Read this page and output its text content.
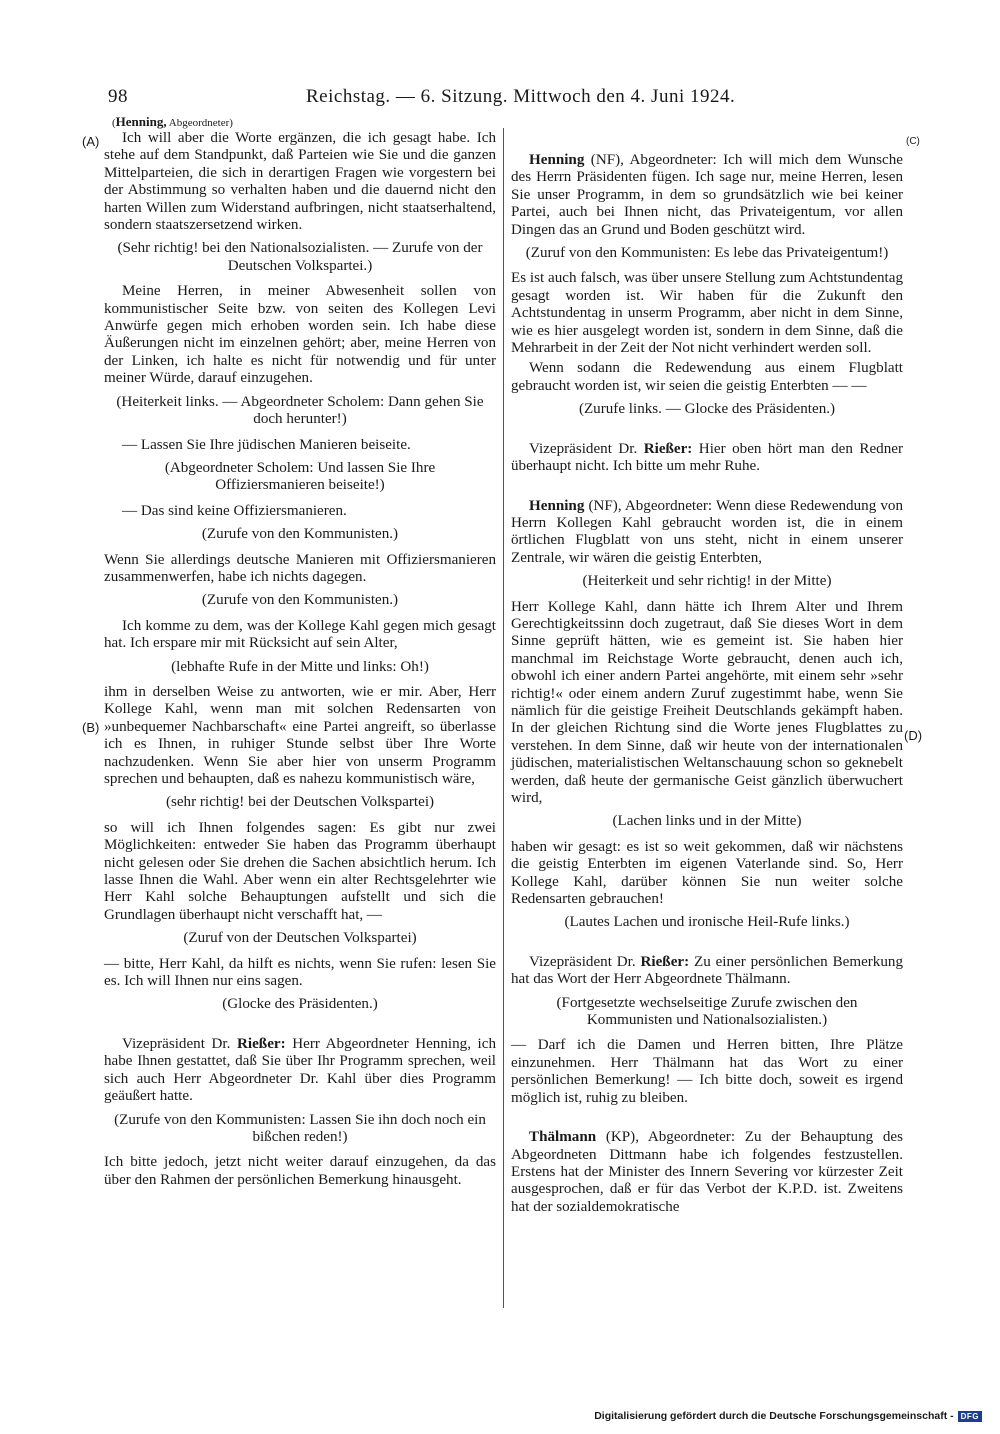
98	Reichstag. — 6. Sitzung. Mittwoch den 4. Juni 1924.
(Henning, Abgeordneter)
(A)
(B)
(C)
(D)

Ich will aber die Worte ergänzen, die ich gesagt habe. Ich stehe auf dem Standpunkt, daß Parteien wie Sie und die ganzen Mittelparteien, die sich in derartigen Fragen wie vorgestern bei der Abstimmung so verhalten haben und die dauernd nicht den harten Willen zum Widerstand aufbringen, nicht staatserhaltend, sondern staatszersetzend wirken.

(Sehr richtig! bei den Nationalsozialisten. — Zurufe von der Deutschen Volkspartei.)

Meine Herren, in meiner Abwesenheit sollen von kommunistischer Seite bzw. von seiten des Kollegen Levi Anwürfe gegen mich erhoben worden sein. Ich habe diese Äußerungen nicht im einzelnen gehört; aber, meine Herren von der Linken, ich halte es nicht für notwendig und für unter meiner Würde, darauf einzugehen.

(Heiterkeit links. — Abgeordneter Scholem: Dann gehen Sie doch herunter!)

— Lassen Sie Ihre jüdischen Manieren beiseite.

(Abgeordneter Scholem: Und lassen Sie Ihre Offiziersmanieren beiseite!)

— Das sind keine Offiziersmanieren.

(Zurufe von den Kommunisten.)

Wenn Sie allerdings deutsche Manieren mit Offiziersmanieren zusammenwerfen, habe ich nichts dagegen.

(Zurufe von den Kommunisten.)

Ich komme zu dem, was der Kollege Kahl gegen mich gesagt hat. Ich erspare mir mit Rücksicht auf sein Alter,

(lebhafte Rufe in der Mitte und links: Oh!)

ihm in derselben Weise zu antworten, wie er mir. Aber, Herr Kollege Kahl, wenn man mit solchen Redensarten von »unbequemer Nachbarschaft« eine Partei angreift, so überlasse ich es Ihnen, in ruhiger Stunde selbst über Ihre Worte nachzudenken. Wenn Sie aber hier von unserm Programm sprechen und behaupten, daß es nahezu kommunistisch wäre,

(sehr richtig! bei der Deutschen Volkspartei)

so will ich Ihnen folgendes sagen: Es gibt nur zwei Möglichkeiten: entweder Sie haben das Programm überhaupt nicht gelesen oder Sie drehen die Sachen absichtlich herum. Ich lasse Ihnen die Wahl. Aber wenn ein alter Rechtsgelehrter wie Herr Kahl solche Behauptungen aufstellt und sich die Grundlagen überhaupt nicht verschafft hat, —

(Zuruf von der Deutschen Volkspartei)

— bitte, Herr Kahl, da hilft es nichts, wenn Sie rufen: lesen Sie es. Ich will Ihnen nur eins sagen.

(Glocke des Präsidenten.)

Vizepräsident Dr. Rießer: Herr Abgeordneter Henning, ich habe Ihnen gestattet, daß Sie über Ihr Programm sprechen, weil sich auch Herr Abgeordneter Dr. Kahl über dies Programm geäußert hatte.

(Zurufe von den Kommunisten: Lassen Sie ihn doch noch ein bißchen reden!)

Ich bitte jedoch, jetzt nicht weiter darauf einzugehen, da das über den Rahmen der persönlichen Bemerkung hinausgeht.

Henning (NF), Abgeordneter: Ich will mich dem Wunsche des Herrn Präsidenten fügen. Ich sage nur, meine Herren, lesen Sie unser Programm, in dem so grundsätzlich wie bei keiner Partei, auch bei Ihnen nicht, das Privateigentum, vor allen Dingen das an Grund und Boden geschützt wird.

(Zuruf von den Kommunisten: Es lebe das Privateigentum!)

Es ist auch falsch, was über unsere Stellung zum Achtstundentag gesagt worden ist. Wir haben für die Zukunft den Achtstundentag in unserm Programm, aber nicht in dem Sinne, wie es hier ausgelegt worden ist, sondern in dem Sinne, daß die Mehrarbeit in der Zeit der Not nicht verhindert werden soll.

Wenn sodann die Redewendung aus einem Flugblatt gebraucht worden ist, wir seien die geistig Enterbten — —

(Zurufe links. — Glocke des Präsidenten.)

Vizepräsident Dr. Rießer: Hier oben hört man den Redner überhaupt nicht. Ich bitte um mehr Ruhe.

Henning (NF), Abgeordneter: Wenn diese Redewendung von Herrn Kollegen Kahl gebraucht worden ist, die in einem örtlichen Flugblatt von uns steht, nicht in einem unserer Zentrale, wir wären die geistig Enterbten,

(Heiterkeit und sehr richtig! in der Mitte)

Herr Kollege Kahl, dann hätte ich Ihrem Alter und Ihrem Gerechtigkeitssinn doch zugetraut, daß Sie dieses Wort in dem Sinne geprüft hätten, wie es gemeint ist. Sie haben hier manchmal im Reichstage Worte gebraucht, denen auch ich, obwohl ich einer andern Partei angehörte, mit einem sehr »sehr richtig!« oder einem andern Zuruf zugestimmt habe, wenn Sie nämlich für die geistige Freiheit Deutschlands gekämpft haben. In der gleichen Richtung sind die Worte jenes Flugblattes zu verstehen. In dem Sinne, daß wir heute von der internationalen jüdischen, materialistischen Weltanschauung schon so geknebelt werden, daß heute der germanische Geist gänzlich überwuchert wird,

(Lachen links und in der Mitte)

haben wir gesagt: es ist so weit gekommen, daß wir nächstens die geistig Enterbten im eigenen Vaterlande sind. So, Herr Kollege Kahl, darüber können Sie nun weiter solche Redensarten gebrauchen!

(Lautes Lachen und ironische Heil-Rufe links.)

Vizepräsident Dr. Rießer: Zu einer persönlichen Bemerkung hat das Wort der Herr Abgeordnete Thälmann.

(Fortgesetzte wechselseitige Zurufe zwischen den Kommunisten und Nationalsozialisten.)

— Darf ich die Damen und Herren bitten, Ihre Plätze einzunehmen. Herr Thälmann hat das Wort zu einer persönlichen Bemerkung! — Ich bitte doch, soweit es irgend möglich ist, ruhig zu bleiben.

Thälmann (KP), Abgeordneter: Zu der Behauptung des Abgeordneten Dittmann habe ich folgendes festzustellen. Erstens hat der Minister des Innern Severing vor kürzester Zeit ausgesprochen, daß er für das Verbot der K.P.D. ist. Zweitens hat der sozialdemokratische

Digitalisierung gefördert durch die Deutsche Forschungsgemeinschaft - DFG
